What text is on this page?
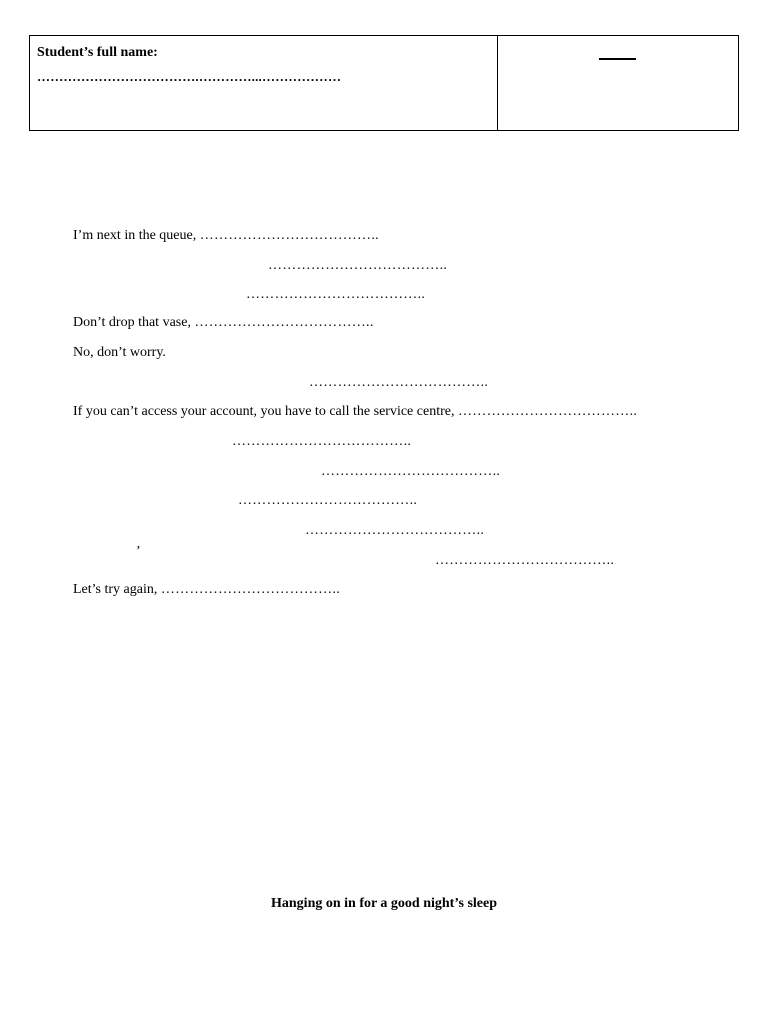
Student’s full name:
……………………………….…………...………………
I’m next in the queue, ………………………………..
………………………………..
………………………………..
Don’t drop that vase, ………………………………..
No, don’t worry.
………………………………..
If you can’t access your account, you have to call the service centre, ………………………………..
………………………………..
………………………………..
………………………………..
………………………………..
’
………………………………..
Let’s try again, ………………………………..
Hanging on in for a good night’s sleep
